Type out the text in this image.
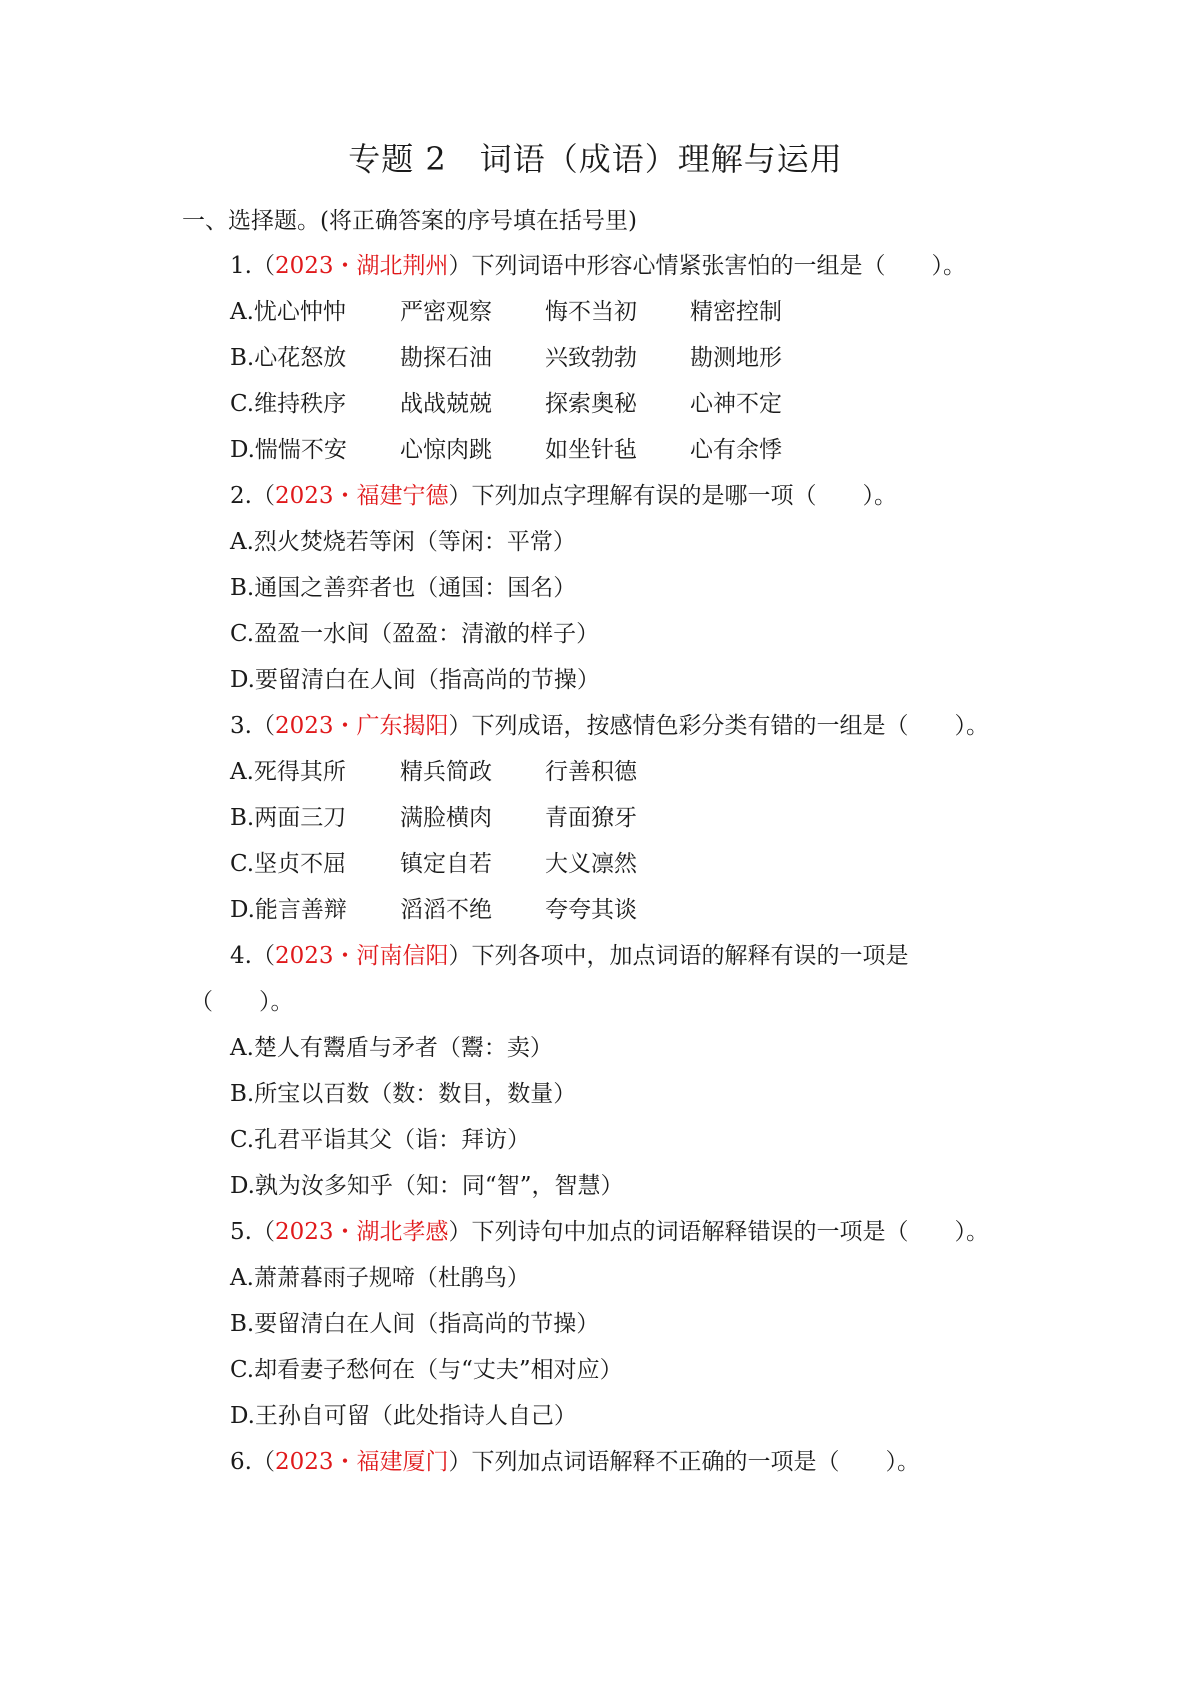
专题 2　词语（成语）理解与运用
一、选择题。(将正确答案的序号填在括号里)
1.（2023・湖北荆州）下列词语中形容心情紧张害怕的一组是（　　）。
A.忧心忡忡 严密观察 悔不当初 精密控制
B.心花怒放 勘探石油 兴致勃勃 勘测地形
C.维持秩序 战战兢兢 探索奥秘 心神不定
D.惴惴不安 心惊肉跳 如坐针毡 心有余悸
2.（2023・福建宁德）下列加点字理解有误的是哪一项（　　）。
A.烈火焚烧若等闲（等闲：平常）
B.通国之善弈者也（通国：国名）
C.盈盈一水间（盈盈：清澈的样子）
D.要留清白在人间（指高尚的节操）
3.（2023・广东揭阳）下列成语，按感情色彩分类有错的一组是（　　）。
A.死得其所 精兵简政 行善积德
B.两面三刀 满脸横肉 青面獠牙
C.坚贞不屈 镇定自若 大义凛然
D.能言善辩 滔滔不绝 夸夸其谈
4.（2023・河南信阳）下列各项中，加点词语的解释有误的一项是
（　　）。
A.楚人有鬻盾与矛者（鬻：卖）
B.所宝以百数（数：数目，数量）
C.孔君平诣其父（诣：拜访）
D.孰为汝多知乎（知：同“智”，智慧）
5.（2023・湖北孝感）下列诗句中加点的词语解释错误的一项是（　　）。
A.萧萧暮雨子规啼（杜鹃鸟）
B.要留清白在人间（指高尚的节操）
C.却看妻子愁何在（与“丈夫”相对应）
D.王孙自可留（此处指诗人自己）
6.（2023・福建厦门）下列加点词语解释不正确的一项是（　　）。
